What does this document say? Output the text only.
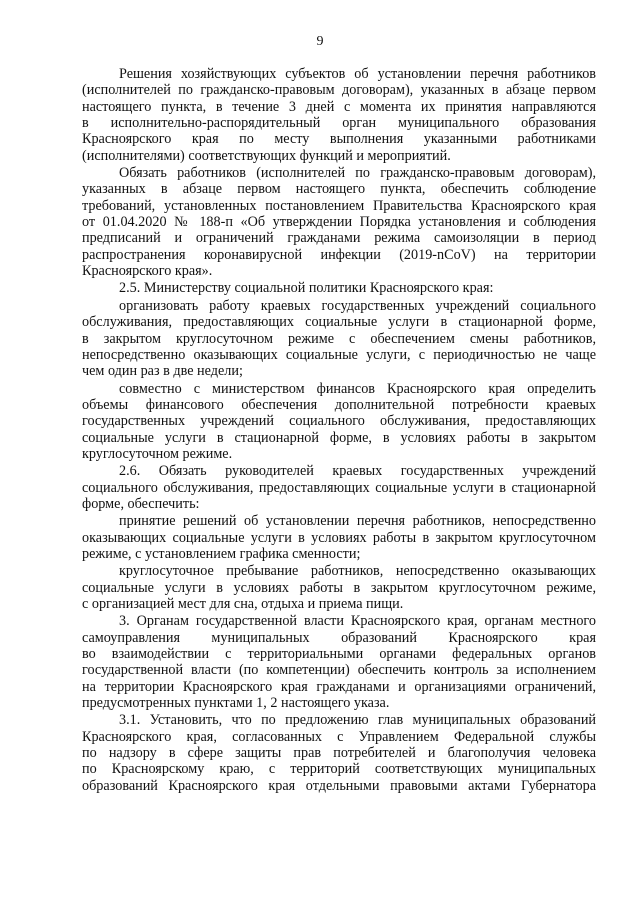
9
Решения хозяйствующих субъектов об установлении перечня работников
(исполнителей по гражданско-правовым договорам), указанных в абзаце первом
настоящего пункта, в течение 3 дней с момента их принятия направляются
в исполнительно-распорядительный орган муниципального образования
Красноярского края по месту выполнения указанными работниками
(исполнителями) соответствующих функций и мероприятий.
Обязать работников (исполнителей по гражданско-правовым договорам),
указанных в абзаце первом настоящего пункта, обеспечить соблюдение
требований, установленных постановлением Правительства Красноярского края
от 01.04.2020 № 188-п «Об утверждении Порядка установления и соблюдения
предписаний и ограничений гражданами режима самоизоляции в период
распространения коронавирусной инфекции (2019-nCoV) на территории
Красноярского края».
2.5. Министерству социальной политики Красноярского края:
организовать работу краевых государственных учреждений социального
обслуживания, предоставляющих социальные услуги в стационарной форме,
в закрытом круглосуточном режиме с обеспечением смены работников,
непосредственно оказывающих социальные услуги, с периодичностью не чаще
чем один раз в две недели;
совместно с министерством финансов Красноярского края определить
объемы финансового обеспечения дополнительной потребности краевых
государственных учреждений социального обслуживания, предоставляющих
социальные услуги в стационарной форме, в условиях работы в закрытом
круглосуточном режиме.
2.6. Обязать руководителей краевых государственных учреждений
социального обслуживания, предоставляющих социальные услуги в стационарной
форме, обеспечить:
принятие решений об установлении перечня работников, непосредственно
оказывающих социальные услуги в условиях работы в закрытом круглосуточном
режиме, с установлением графика сменности;
круглосуточное пребывание работников, непосредственно оказывающих
социальные услуги в условиях работы в закрытом круглосуточном режиме,
с организацией мест для сна, отдыха и приема пищи.
3. Органам государственной власти Красноярского края, органам местного
самоуправления муниципальных образований Красноярского края
во взаимодействии с территориальными органами федеральных органов
государственной власти (по компетенции) обеспечить контроль за исполнением
на территории Красноярского края гражданами и организациями ограничений,
предусмотренных пунктами 1, 2 настоящего указа.
3.1. Установить, что по предложению глав муниципальных образований
Красноярского края, согласованных с Управлением Федеральной службы
по надзору в сфере защиты прав потребителей и благополучия человека
по Красноярскому краю, с территорий соответствующих муниципальных
образований Красноярского края отдельными правовыми актами Губернатора
